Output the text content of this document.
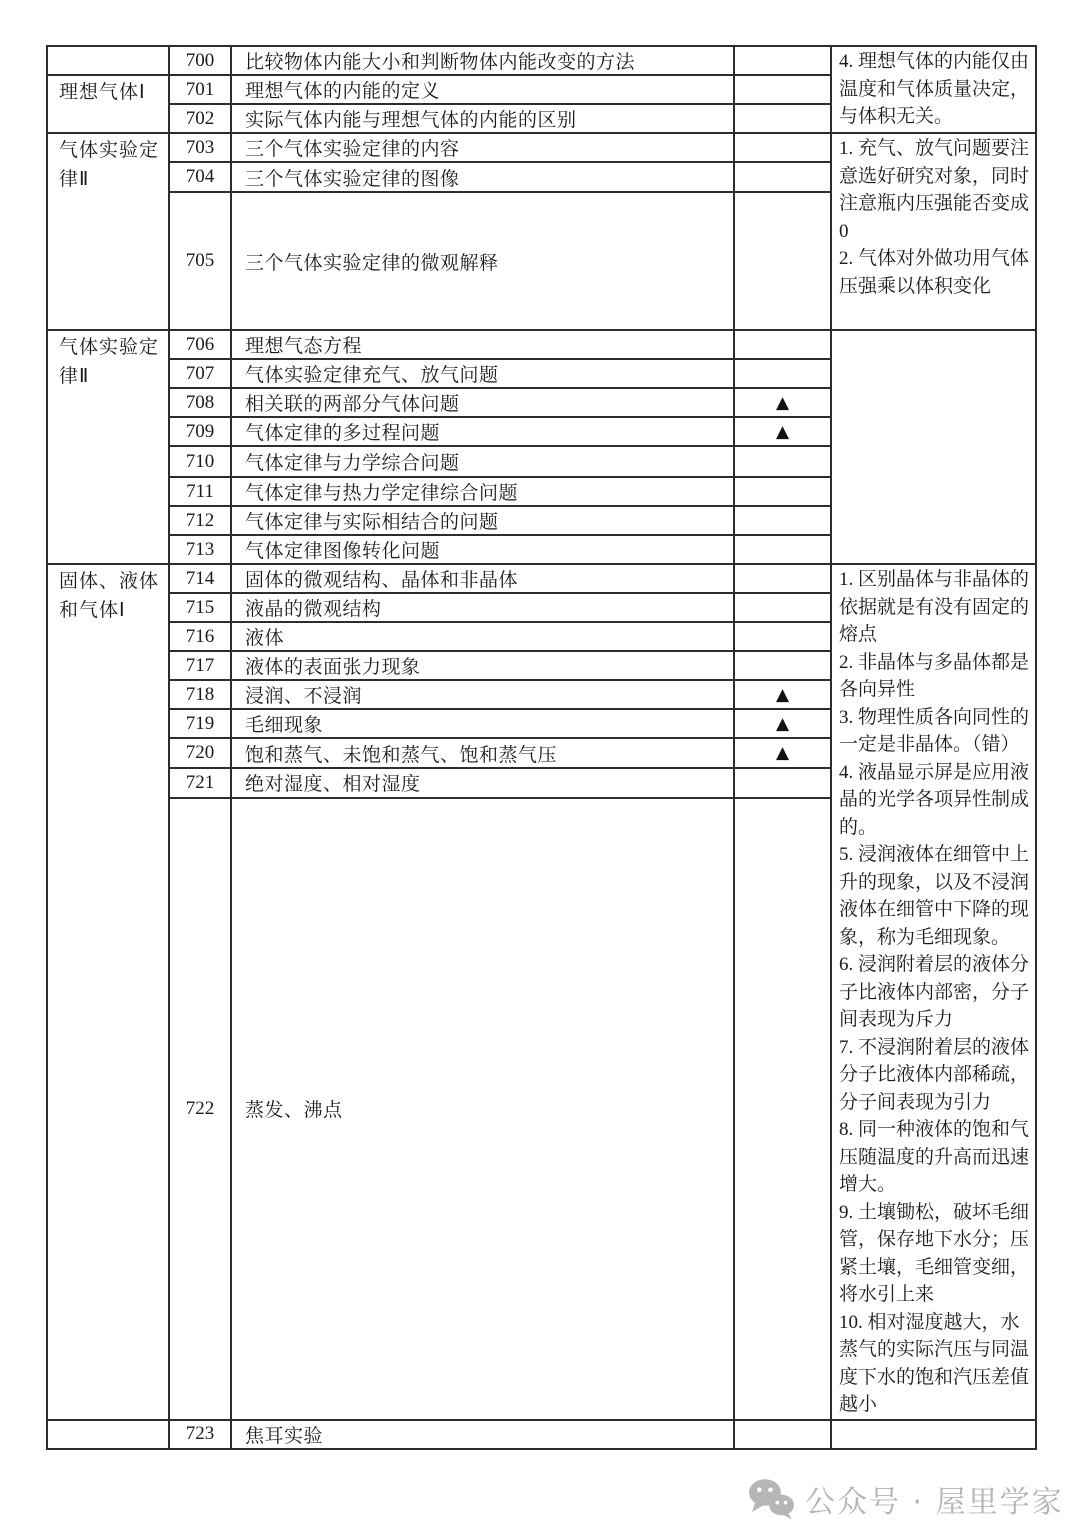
	700	比较物体内能大小和判断物体内能改变的方法		4. 理想气体的内能仅由温度和气体质量决定，与体积无关。

理想气体Ⅰ	701	理想气体的内能的定义		
	702	实际气体内能与理想气体的内能的区别		
气体实验定律Ⅱ	703	三个气体实验定律的内容		1. 充气、放气问题要注意选好研究对象，同时注意瓶内压强能否变成0
2. 气体对外做功用气体压强乘以体积变化

	704	三个气体实验定律的图像		
	705	三个气体实验定律的微观解释		
气体实验定律Ⅱ	706	理想气态方程		
	707	气体实验定律充气、放气问题		
	708	相关联的两部分气体问题	▲	
	709	气体定律的多过程问题	▲	
	710	气体定律与力学综合问题		
	711	气体定律与热力学定律综合问题		
	712	气体定律与实际相结合的问题		
	713	气体定律图像转化问题		
固体、液体和气体Ⅰ	714	固体的微观结构、晶体和非晶体		1. 区别晶体与非晶体的依据就是有没有固定的熔点
2. 非晶体与多晶体都是各向异性
3. 物理性质各向同性的一定是非晶体。（错）
4. 液晶显示屏是应用液晶的光学各项异性制成的。
5. 浸润液体在细管中上升的现象，以及不浸润液体在细管中下降的现象，称为毛细现象。
6. 浸润附着层的液体分子比液体内部密，分子间表现为斥力
7. 不浸润附着层的液体分子比液体内部稀疏，分子间表现为引力
8. 同一种液体的饱和气压随温度的升高而迅速增大。
9. 土壤锄松，破坏毛细管，保存地下水分；压紧土壤，毛细管变细，将水引上来
10. 相对湿度越大，水蒸气的实际汽压与同温度下水的饱和汽压差值越小

	715	液晶的微观结构		
	716	液体		
	717	液体的表面张力现象		
	718	浸润、不浸润	▲	
	719	毛细现象	▲	
	720	饱和蒸气、未饱和蒸气、饱和蒸气压	▲	
	721	绝对湿度、相对湿度		
	722	蒸发、沸点		
	723	焦耳实验		
公众号 · 屋里学家
